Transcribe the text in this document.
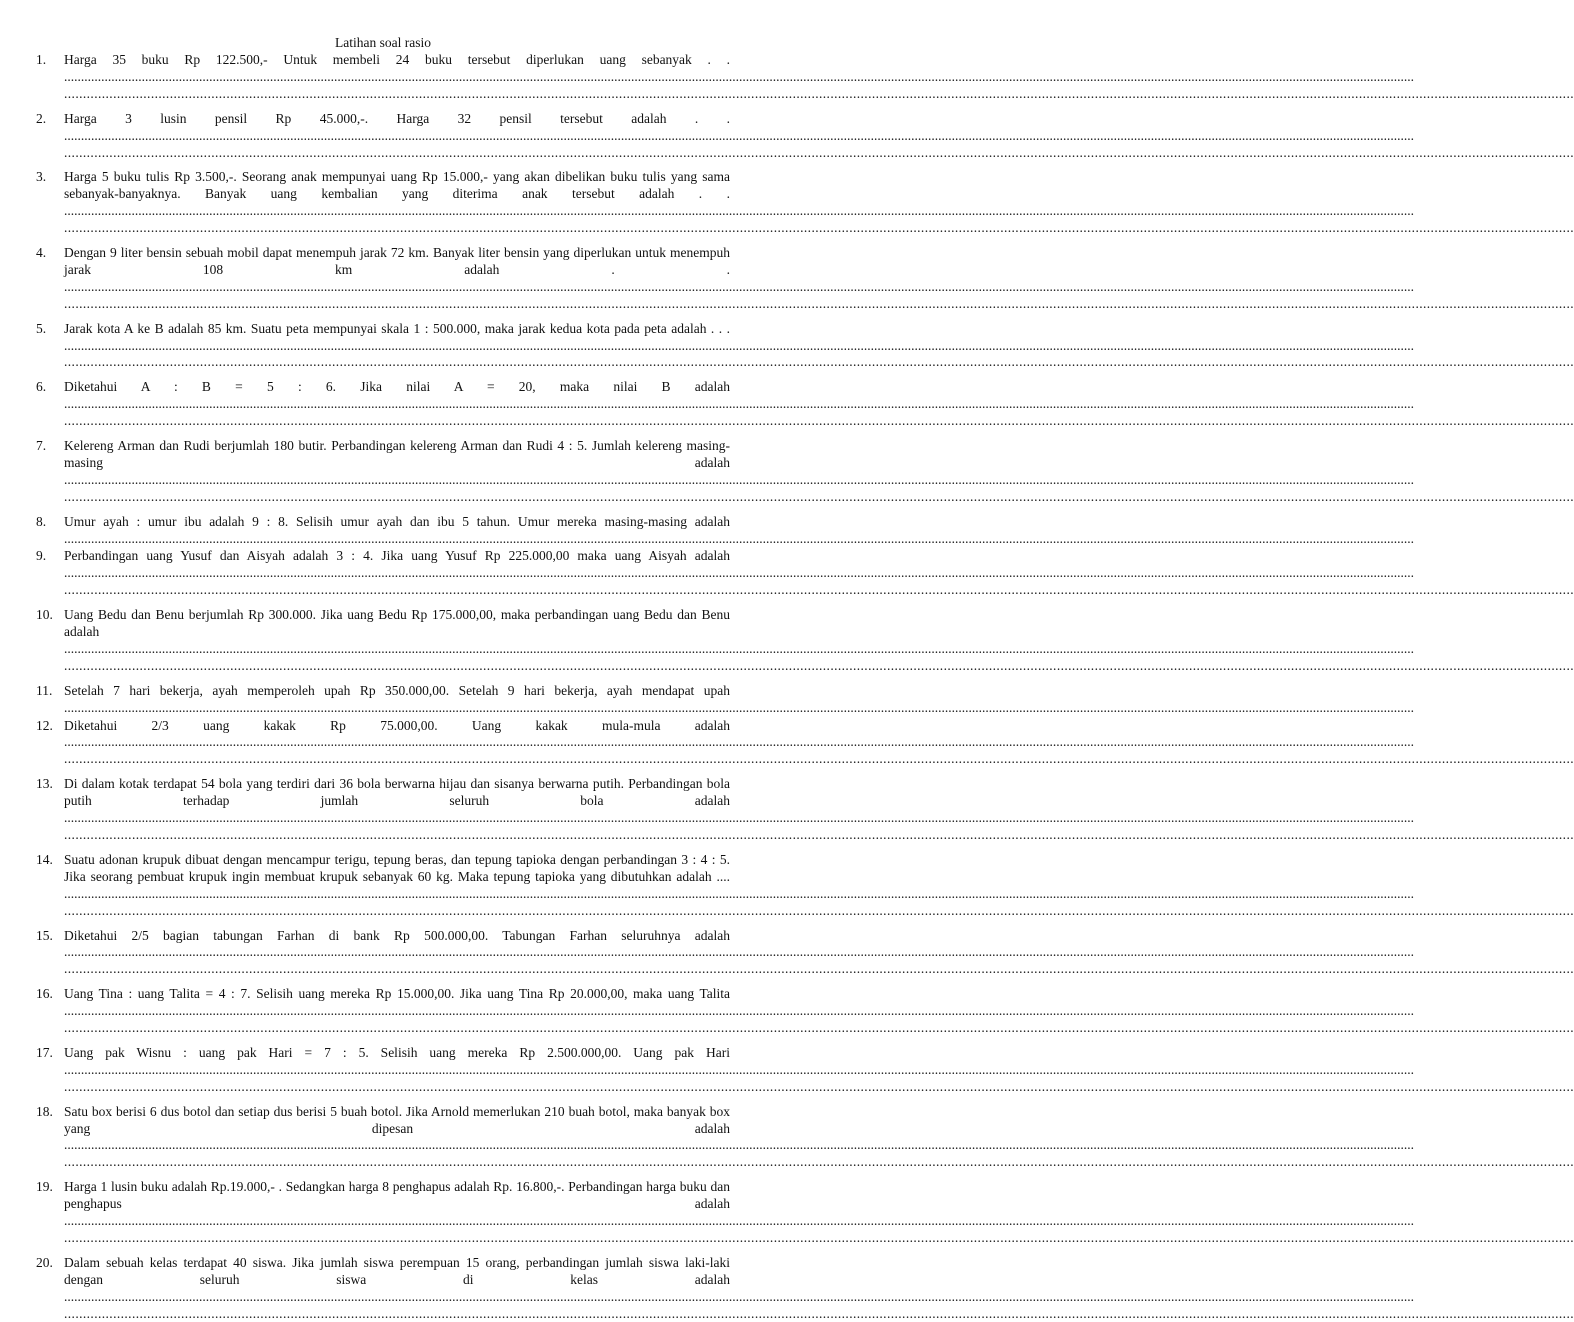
Latihan soal rasio
1.	Harga 35 buku Rp 122.500,- Untuk membeli 24 buku tersebut diperlukan uang sebanyak . . ................................................................................................................................................................................................................................................................................................................................................................................................................
................................................................................................................................................................................................................................................................................................................................................................................................................
2.	Harga 3 lusin pensil Rp 45.000,-. Harga 32 pensil tersebut adalah . . ................................................................................................................................................................................................................................................................................................................................................................................................................
................................................................................................................................................................................................................................................................................................................................................................................................................
3.	Harga 5 buku tulis Rp 3.500,-. Seorang anak mempunyai uang Rp 15.000,- yang akan dibelikan buku tulis yang sama sebanyak-banyaknya. Banyak uang kembalian yang diterima anak tersebut adalah . . ................................................................................................................................................................................................................................................................................................................................................................................................................
................................................................................................................................................................................................................................................................................................................................................................................................................
4.	Dengan 9 liter bensin sebuah mobil dapat menempuh jarak 72 km. Banyak liter bensin yang diperlukan untuk menempuh jarak 108 km adalah . . ................................................................................................................................................................................................................................................................................................................................................................................................................
................................................................................................................................................................................................................................................................................................................................................................................................................
5.	Jarak kota A ke B adalah 85 km. Suatu peta mempunyai skala 1 : 500.000, maka jarak kedua kota pada peta adalah . . . ................................................................................................................................................................................................................................................................................................................................................................................................................
................................................................................................................................................................................................................................................................................................................................................................................................................
6.	Diketahui A : B = 5 : 6. Jika nilai A = 20, maka nilai B adalah ................................................................................................................................................................................................................................................................................................................................................................................................................
................................................................................................................................................................................................................................................................................................................................................................................................................
7.	Kelereng Arman dan Rudi berjumlah 180 butir. Perbandingan kelereng Arman dan Rudi 4 : 5. Jumlah kelereng masing-masing adalah ................................................................................................................................................................................................................................................................................................................................................................................................................
................................................................................................................................................................................................................................................................................................................................................................................................................
8.	Umur ayah : umur ibu adalah 9 : 8. Selisih umur ayah dan ibu 5 tahun. Umur mereka masing-masing adalah ................................................................................................................................................................................................................................................................................................................................................................................................................
9.	Perbandingan uang Yusuf dan Aisyah adalah 3 : 4. Jika uang Yusuf Rp 225.000,00 maka uang Aisyah adalah ................................................................................................................................................................................................................................................................................................................................................................................................................
................................................................................................................................................................................................................................................................................................................................................................................................................
10. Uang Bedu dan Benu berjumlah Rp 300.000. Jika uang Bedu Rp 175.000,00, maka perbandingan uang Bedu dan Benu adalah ................................................................................................................................................................................................................................................................................................................................................................................................................
................................................................................................................................................................................................................................................................................................................................................................................................................
11. Setelah 7 hari bekerja, ayah memperoleh upah Rp 350.000,00. Setelah 9 hari bekerja, ayah mendapat upah ................................................................................................................................................................................................................................................................................................................................................................................................................
12. Diketahui 2/3 uang kakak Rp 75.000,00. Uang kakak mula-mula adalah ................................................................................................................................................................................................................................................................................................................................................................................................................
................................................................................................................................................................................................................................................................................................................................................................................................................
13. Di dalam kotak terdapat 54 bola yang terdiri dari 36 bola berwarna hijau dan sisanya berwarna putih. Perbandingan bola putih terhadap jumlah seluruh bola adalah ................................................................................................................................................................................................................................................................................................................................................................................................................
................................................................................................................................................................................................................................................................................................................................................................................................................
14. Suatu adonan krupuk dibuat dengan mencampur terigu, tepung beras, dan tepung tapioka dengan perbandingan 3 : 4 : 5. Jika seorang pembuat krupuk ingin membuat krupuk sebanyak 60 kg. Maka tepung tapioka yang dibutuhkan adalah .... ................................................................................................................................................................................................................................................................................................................................................................................................................
................................................................................................................................................................................................................................................................................................................................................................................................................
15. Diketahui 2/5 bagian tabungan Farhan di bank Rp 500.000,00. Tabungan Farhan seluruhnya adalah ................................................................................................................................................................................................................................................................................................................................................................................................................
................................................................................................................................................................................................................................................................................................................................................................................................................
16. Uang Tina : uang Talita = 4 : 7. Selisih uang mereka Rp 15.000,00. Jika uang Tina Rp 20.000,00, maka uang Talita ................................................................................................................................................................................................................................................................................................................................................................................................................
................................................................................................................................................................................................................................................................................................................................................................................................................
17. Uang pak Wisnu : uang pak Hari = 7 : 5. Selisih uang mereka Rp 2.500.000,00. Uang pak Hari ................................................................................................................................................................................................................................................................................................................................................................................................................
................................................................................................................................................................................................................................................................................................................................................................................................................
18. Satu box berisi 6 dus botol dan setiap dus berisi 5 buah botol. Jika Arnold memerlukan 210 buah botol, maka banyak box yang dipesan adalah ................................................................................................................................................................................................................................................................................................................................................................................................................
................................................................................................................................................................................................................................................................................................................................................................................................................
19. Harga 1 lusin buku adalah Rp.19.000,- . Sedangkan harga 8 penghapus adalah Rp. 16.800,-. Perbandingan harga buku dan penghapus adalah ................................................................................................................................................................................................................................................................................................................................................................................................................
................................................................................................................................................................................................................................................................................................................................................................................................................
20. Dalam sebuah kelas terdapat 40 siswa. Jika jumlah siswa perempuan 15 orang, perbandingan jumlah siswa laki-laki dengan seluruh siswa di kelas adalah ................................................................................................................................................................................................................................................................................................................................................................................................................
................................................................................................................................................................................................................................................................................................................................................................................................................
